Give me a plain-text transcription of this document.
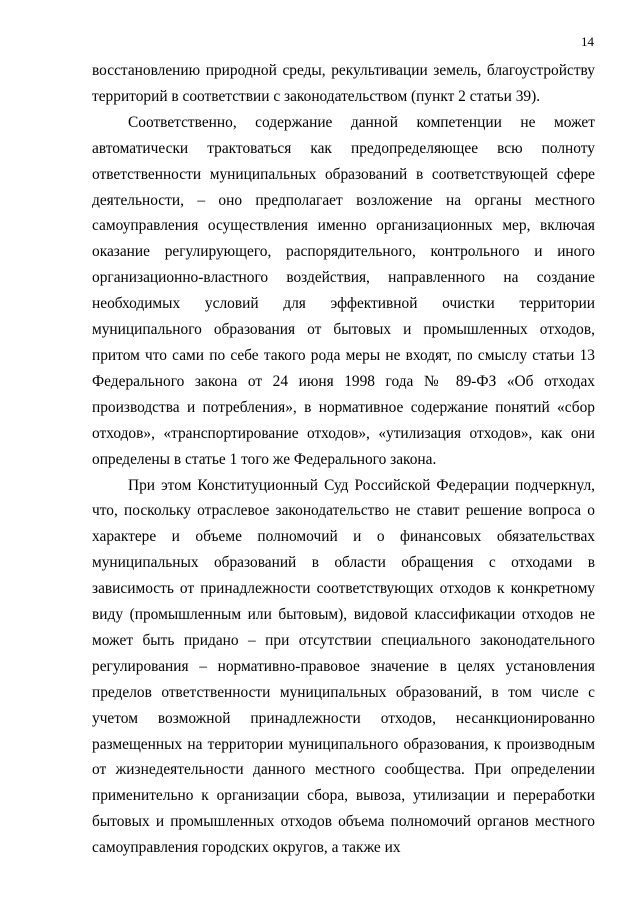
14

восстановлению природной среды, рекультивации земель, благоустройству территорий в соответствии с законодательством (пункт 2 статьи 39).

Соответственно, содержание данной компетенции не может автоматически трактоваться как предопределяющее всю полноту ответственности муниципальных образований в соответствующей сфере деятельности, – оно предполагает возложение на органы местного самоуправления осуществления именно организационных мер, включая оказание регулирующего, распорядительного, контрольного и иного организационно-властного воздействия, направленного на создание необходимых условий для эффективной очистки территории муниципального образования от бытовых и промышленных отходов, притом что сами по себе такого рода меры не входят, по смыслу статьи 13 Федерального закона от 24 июня 1998 года № 89-ФЗ «Об отходах производства и потребления», в нормативное содержание понятий «сбор отходов», «транспортирование отходов», «утилизация отходов», как они определены в статье 1 того же Федерального закона.

При этом Конституционный Суд Российской Федерации подчеркнул, что, поскольку отраслевое законодательство не ставит решение вопроса о характере и объеме полномочий и о финансовых обязательствах муниципальных образований в области обращения с отходами в зависимость от принадлежности соответствующих отходов к конкретному виду (промышленным или бытовым), видовой классификации отходов не может быть придано – при отсутствии специального законодательного регулирования – нормативно-правовое значение в целях установления пределов ответственности муниципальных образований, в том числе с учетом возможной принадлежности отходов, несанкционированно размещенных на территории муниципального образования, к производным от жизнедеятельности данного местного сообщества. При определении применительно к организации сбора, вывоза, утилизации и переработки бытовых и промышленных отходов объема полномочий органов местного самоуправления городских округов, а также их
